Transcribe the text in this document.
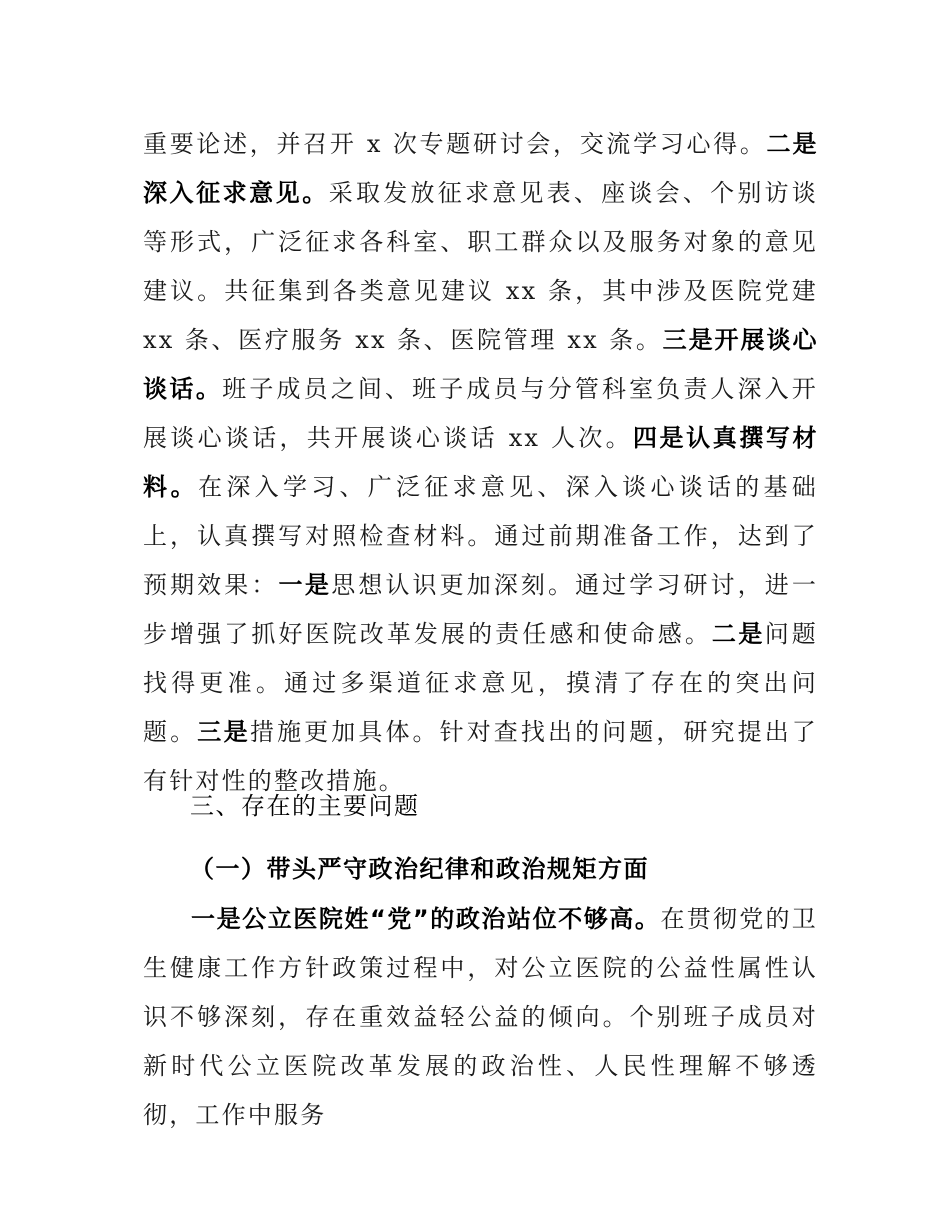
重要论述，并召开 x 次专题研讨会，交流学习心得。二是深入征求意见。采取发放征求意见表、座谈会、个别访谈等形式，广泛征求各科室、职工群众以及服务对象的意见建议。共征集到各类意见建议 xx 条，其中涉及医院党建 xx 条、医疗服务 xx 条、医院管理 xx 条。三是开展谈心谈话。班子成员之间、班子成员与分管科室负责人深入开展谈心谈话，共开展谈心谈话 xx 人次。四是认真撰写材料。在深入学习、广泛征求意见、深入谈心谈话的基础上，认真撰写对照检查材料。通过前期准备工作，达到了预期效果：一是思想认识更加深刻。通过学习研讨，进一步增强了抓好医院改革发展的责任感和使命感。二是问题找得更准。通过多渠道征求意见，摸清了存在的突出问题。三是措施更加具体。针对查找出的问题，研究提出了有针对性的整改措施。

三、存在的主要问题
（一）带头严守政治纪律和政治规矩方面

一是公立医院姓“党”的政治站位不够高。在贯彻党的卫生健康工作方针政策过程中，对公立医院的公益性属性认识不够深刻，存在重效益轻公益的倾向。个别班子成员对新时代公立医院改革发展的政治性、人民性理解不够透彻，工作中服务
